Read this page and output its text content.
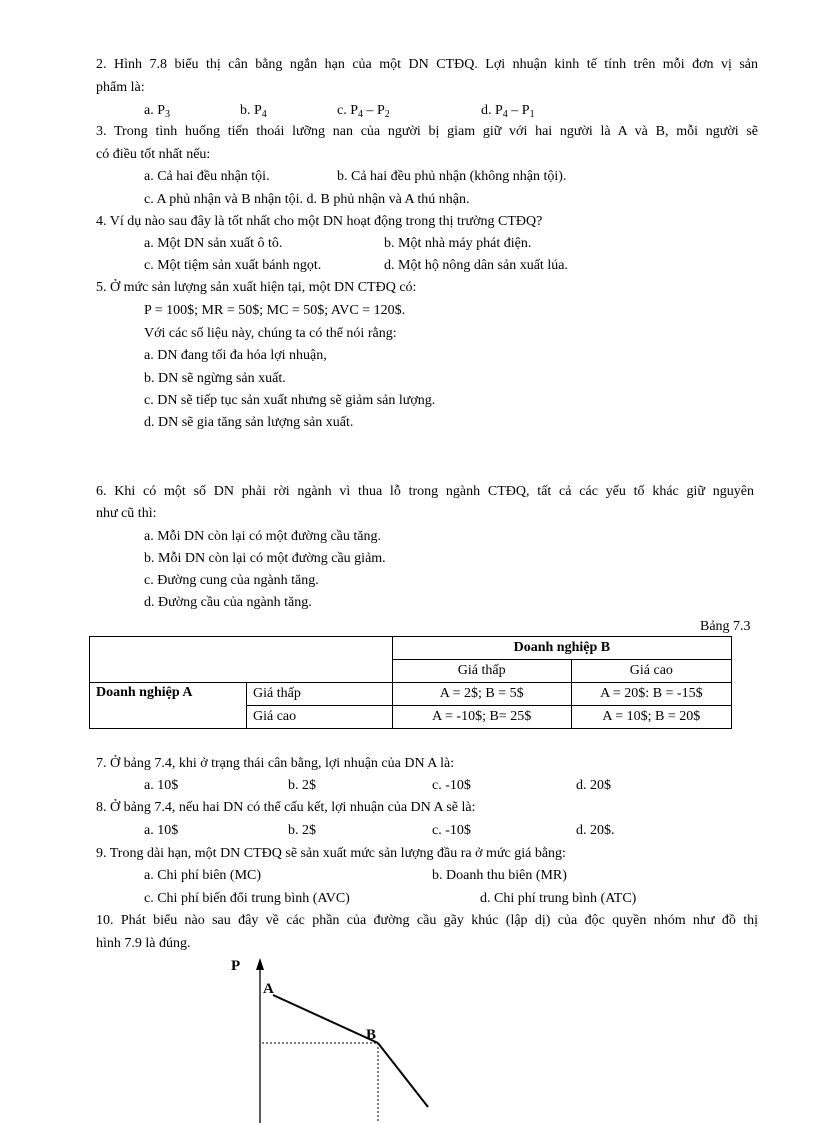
2. Hình 7.8 biểu thị cân bằng ngắn hạn của một DN CTĐQ. Lợi nhuận kinh tế tính trên mỗi đơn vị sản
phẩm là:
a. $P_3$	b. $P_4$	c. $P_4 - P_2$	d. $P_4 - P_1$
3. Trong tình huống tiến thoái lưỡng nan của người bị giam giữ với hai người là A và B, mỗi người sẽ
có điều tốt nhất nếu:
a. Cả hai đều nhận tội.	b. Cả hai đều phủ nhận (không nhận tội).
c. A phủ nhận và B nhận tội. d. B phủ nhận và A thú nhận.
4. Ví dụ nào sau đây là tốt nhất cho một DN hoạt động trong thị trường CTĐQ?
a. Một DN sản xuất ô tô.	b. Một nhà máy phát điện.
c. Một tiệm sản xuất bánh ngọt.	d. Một hộ nông dân sản xuất lúa.
5. Ở mức sản lượng sản xuất hiện tại, một DN CTĐQ có:
P = 100$; MR = 50$; MC = 50$; AVC = 120$.
Với các số liệu này, chúng ta có thể nói rằng:
a. DN đang tối đa hóa lợi nhuận,
b. DN sẽ ngừng sản xuất.
c. DN sẽ tiếp tục sản xuất nhưng sẽ giảm sản lượng.
d. DN sẽ gia tăng sản lượng sản xuất.
6. Khi có một số DN phải rời ngành vì thua lỗ trong ngành CTĐQ, tất cả các yếu tố khác giữ nguyên
như cũ thì:
a. Mỗi DN còn lại có một đường cầu tăng.
b. Mỗi DN còn lại có một đường cầu giảm.
c. Đường cung của ngành tăng.
d. Đường cầu của ngành tăng.
Bảng 7.3
		Doanh nghiệp B	
		Giá thấp	Giá cao
Doanh nghiệp A	Giá thấp	A = 2$; B = 5$	A = 20$: B = -15$
	Giá cao	A = -10$; B= 25$	A = 10$; B = 20$
7. Ở bảng 7.4, khi ở trạng thái cân bằng, lợi nhuận của DN A là:
a. 10$	b. 2$	c. -10$	d. 20$
8. Ở bảng 7.4, nếu hai DN có thể cấu kết, lợi nhuận của DN A sẽ là:
a. 10$	b. 2$	c. -10$	d. 20$.
9. Trong dài hạn, một DN CTĐQ sẽ sản xuất mức sản lượng đầu ra ở mức giá bằng:
a. Chi phí biên (MC)	b. Doanh thu biên (MR)
c. Chi phí biến đổi trung bình (AVC)	d. Chi phí trung bình (ATC)
10. Phát biểu nào sau đây về các phần của đường cầu gãy khúc (lập dị) của độc quyền nhóm như đồ thị
hình 7.9 là đúng.
P
A
B
